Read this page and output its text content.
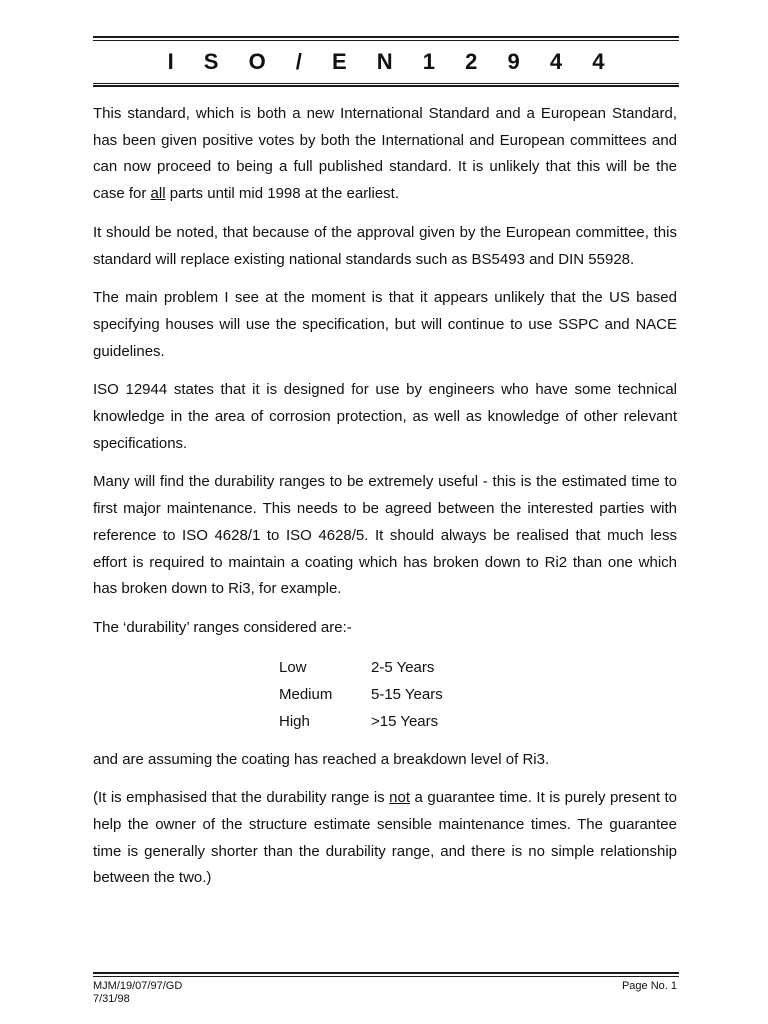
I S O / E N 1 2 9 4 4

This standard, which is both a new International Standard and a European Standard, has been given positive votes by both the International and European committees and can now proceed to being a full published standard. It is unlikely that this will be the case for all parts until mid 1998 at the earliest.

It should be noted, that because of the approval given by the European committee, this standard will replace existing national standards such as BS5493 and DIN 55928.

The main problem I see at the moment is that it appears unlikely that the US based specifying houses will use the specification, but will continue to use SSPC and NACE guidelines.

ISO 12944 states that it is designed for use by engineers who have some technical knowledge in the area of corrosion protection, as well as knowledge of other relevant specifications.

Many will find the durability ranges to be extremely useful - this is the estimated time to first major maintenance. This needs to be agreed between the interested parties with reference to ISO 4628/1 to ISO 4628/5. It should always be realised that much less effort is required to maintain a coating which has broken down to Ri2 than one which has broken down to Ri3, for example.

The ‘durability’ ranges considered are:-

Low	2-5 Years
Medium	5-15 Years
High	>15 Years

and are assuming the coating has reached a breakdown level of Ri3.

(It is emphasised that the durability range is not a guarantee time. It is purely present to help the owner of the structure estimate sensible maintenance times. The guarantee time is generally shorter than the durability range, and there is no simple relationship between the two.)

MJM/19/07/97/GD
7/31/98
Page No. 1
